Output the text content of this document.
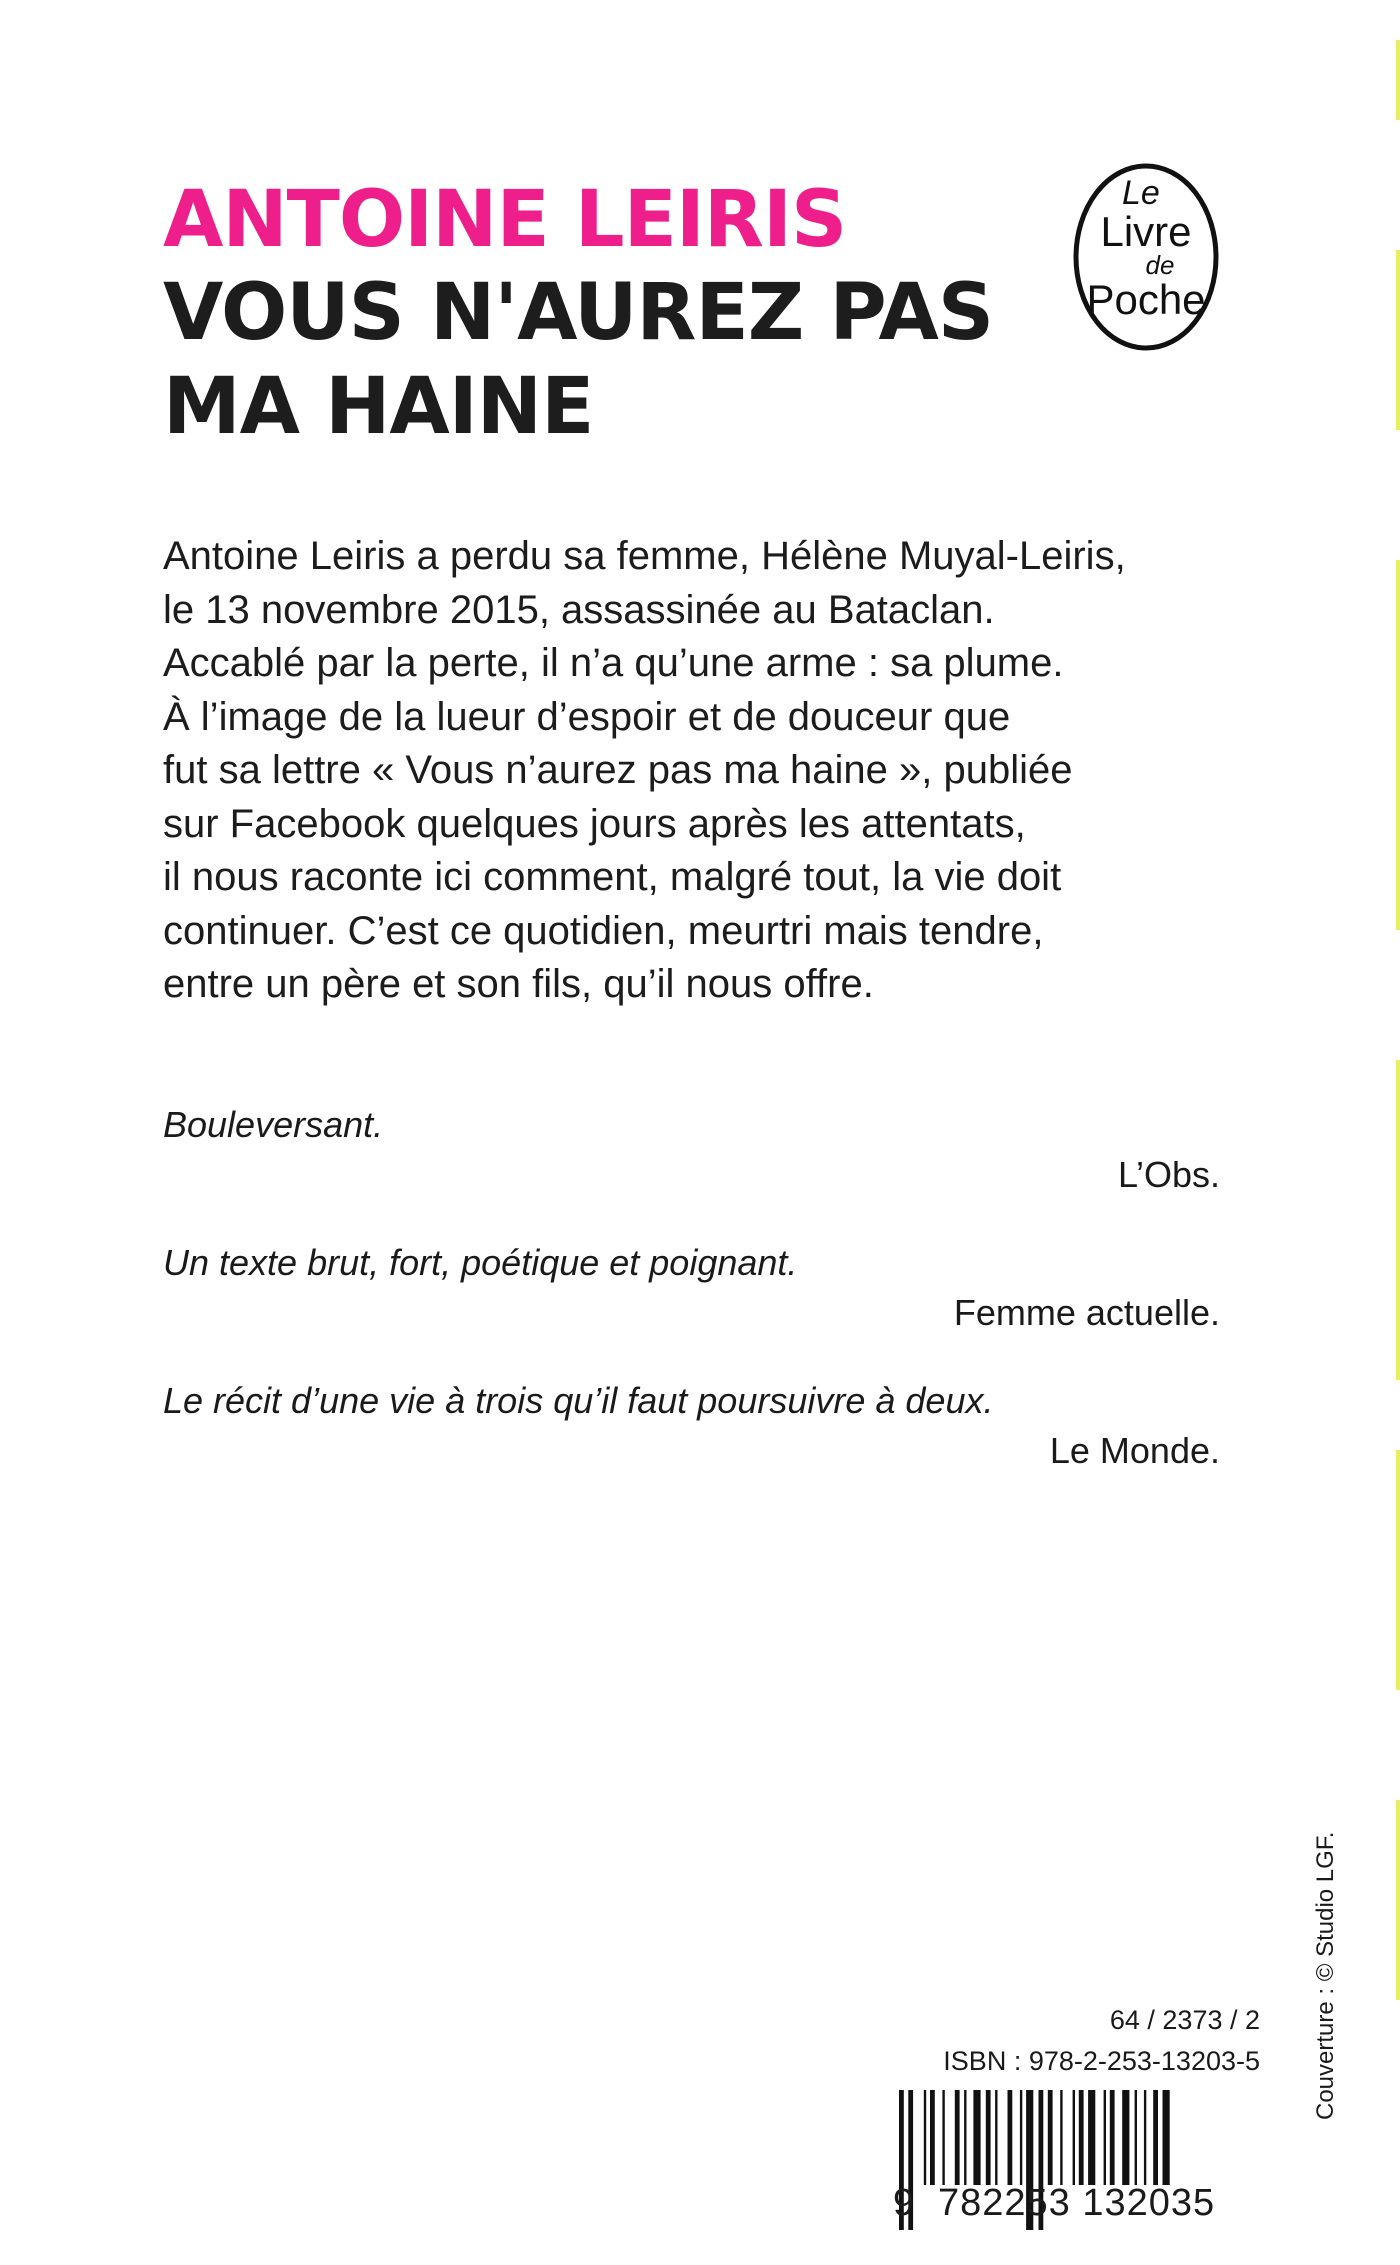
ANTOINE LEIRIS
VOUS N'AUREZ PAS MA HAINE
Le
Livre
de
Poche

Antoine Leiris a perdu sa femme, Hélène Muyal-Leiris,
le 13 novembre 2015, assassinée au Bataclan.
Accablé par la perte, il n’a qu’une arme : sa plume.
À l’image de la lueur d’espoir et de douceur que
fut sa lettre « Vous n’aurez pas ma haine », publiée
sur Facebook quelques jours après les attentats,
il nous raconte ici comment, malgré tout, la vie doit
continuer. C’est ce quotidien, meurtri mais tendre,
entre un père et son fils, qu’il nous offre.

Bouleversant.
L’Obs.
Un texte brut, fort, poétique et poignant.
Femme actuelle.
Le récit d’une vie à trois qu’il faut poursuivre à deux.
Le Monde.
Couverture : © Studio LGF.
64 / 2373 / 2
ISBN : 978-2-253-13203-5
9 782253 132035
